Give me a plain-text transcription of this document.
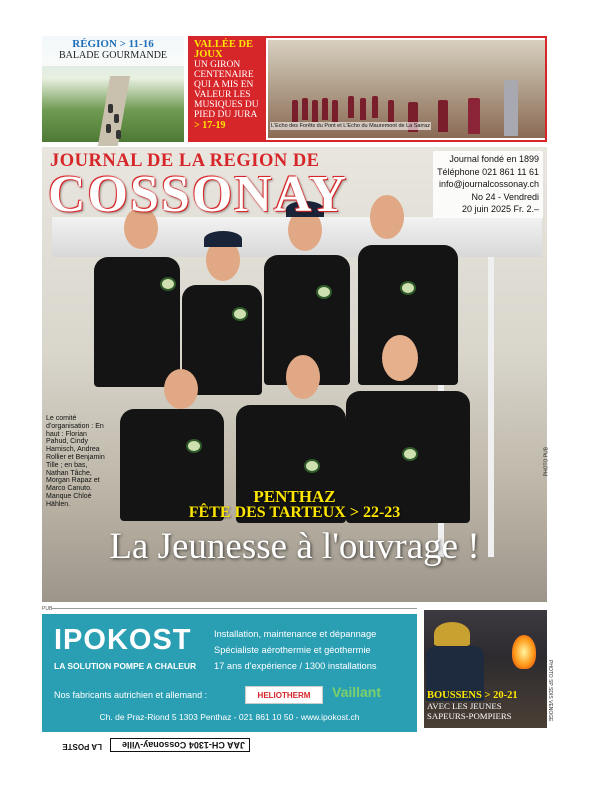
RÉGION > 11-16
BALADE GOURMANDE
VALLÉE DE JOUX
UN GIRON CENTENAIRE QUI A MIS EN VALEUR LES MUSIQUES DU PIED DU JURA
> 17-19	L'Echo des Forêts du Pont et L'Echo du Mauremont de La Sarraz
JOURNAL DE LA REGION DE
COSSONAY
Journal fondé en 1899
Téléphone 021 861 11 61
info@journalcossonay.ch
No 24 - Vendredi
20 juin 2025 Fr. 2.–
Le comité d'organisation : En haut : Florian Pahud, Cindy Harnisch, Andrea Rollier et Benjamin Tille ; en bas, Nathan Tâche, Morgan Rapaz et Marco Canuto. Manque Chloé Hählen.
PHOTO PUB
PENTHAZ
FÊTE DES TARTEUX > 22-23
La Jeunesse à l'ouvrage !
PUB
IPOKOST
LA SOLUTION POMPE A CHALEUR
Installation, maintenance et dépannage
Spécialiste aérothermie et géothermie
17 ans d'expérience / 1300 installations
Nos fabricants autrichien et allemand :	HELIOTHERM	Vaillant
Ch. de Praz-Riond 5 1303 Penthaz - 021 861 10 50 - www.ipokost.ch
BOUSSENS > 20-21
AVEC LES JEUNES SAPEURS-POMPIERS	PHOTO SP SDIS VENOGE
JAA CH-1304 Cossonay-Ville
LA POSTE
